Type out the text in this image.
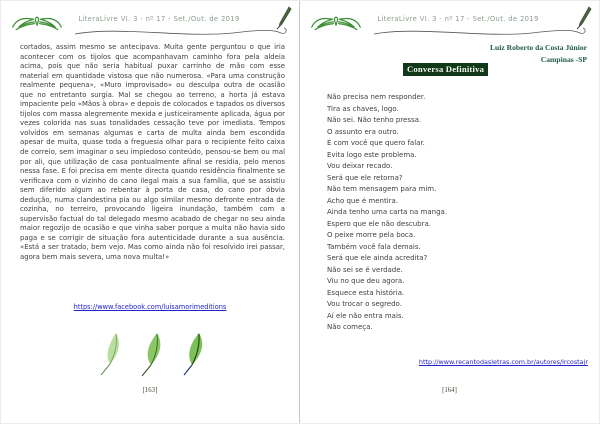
LiteraLivre VI. 3 - nº 17 - Set./Out. de 2019
cortados, assim mesmo se antecipava. Muita gente perguntou o que iria acontecer com os tijolos que acompanhavam caminho fora pela aldeia acima, pois que não seria habitual puxar carrinho de mão com esse material em quantidade vistosa que não numerosa. «Para uma construção realmente pequena», «Muro improvisado» ou desculpa outra de ocasião que no entretanto surgia. Mal se chegou ao terreno, a horta já estava impaciente pelo «Mãos à obra» e depois de colocados e tapados os diversos tijolos com massa alegremente mexida e justiceiramente aplicada, água por vezes colorida nas suas tonalidades cessação teve por imediata. Tempos volvidos em semanas algumas e carta de multa ainda bem escondida apesar de muita, quase toda a freguesia olhar para o recipiente feito caixa de correio, sem imaginar o seu impiedoso conteúdo, pensou-se bem ou mal por ali, que utilização de casa pontualmente afinal se residia, pelo menos nessa fase. E foi precisa em mente directa quando residência finalmente se verificava com o vizinho do cano ilegal mais a sua família, que se assistiu sem diferido algum ao rebentar à porta de casa, do cano por óbvia dedução, numa clandestina pia ou algo similar mesmo defronte entrada de cozinha, no terreiro, provocando ligeira inundação, também com a supervisão factual do tal delegado mesmo acabado de chegar no seu ainda maior regozijo de ocasião e que vinha saber porque a multa não havia sido paga e se corrigir de situação fora autenticidade durante a sua ausência. «Está a ser tratado, bem vejo. Mas como ainda não foi resolvido irei passar, agora bem mais severa, uma nova multa!»
https://www.facebook.com/luisamorimeditions
[163]
LiteraLivre VI. 3 - nº 17 - Set./Out. de 2019
Luiz Roberto da Costa Júnior
Campinas -SP
Conversa Definitiva
Não precisa nem responder.
Tira as chaves, logo.
Não sei. Não tenho pressa.
O assunto era outro.
É com você que quero falar.
Evita logo este problema.
Vou deixar recado.
Será que ele retorna?
Não tem mensagem para mim.
Acho que é mentira.
Ainda tenho uma carta na manga.
Espero que ele não descubra.
O peixe morre pela boca.
Também você fala demais.
Será que ele ainda acredita?
Não sei se é verdade.
Viu no que deu agora.
Esquece esta história.
Vou trocar o segredo.
Aí ele não entra mais.
Não começa.
http://www.recantodasletras.com.br/autores/lrcostajr
[164]
